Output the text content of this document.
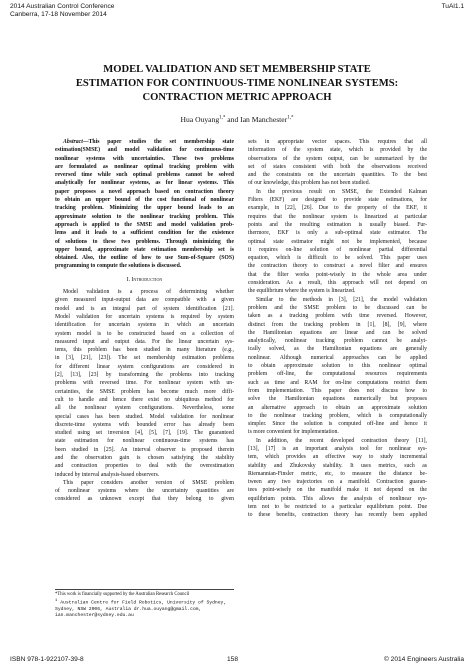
2014 Australian Control Conference
Canberra, 17-18 November 2014
TuAl1.1
MODEL VALIDATION AND SET MEMBERSHIP STATE
ESTIMATION FOR CONTINUOUS-TIME NONLINEAR SYSTEMS:
CONTRACTION METRIC APPROACH
Hua Ouyang$^{1,*}$ and Ian Manchester$^{1,*}$
Abstract—This paper studies the set membership state
estimation(SMSE) and model validation for continuous-time
nonlinear systems with uncertainties. These two problems
are formulated as nonlinear optimal tracking problem with
reversed time while such optimal problems cannot be solved
analytically for nonlinear systems, as for linear systems. This
paper proposes a novel approach based on contraction theory
to obtain an upper bound of the cost functional of nonlinear
tracking problem. Minimizing the upper bound leads to an
approximate solution to the nonlinear tracking problem. This
approach is applied to the SMSE and model validation prob-
lems and it leads to a sufficient condition for the existence
of solutions to these two problems. Through minimizing the
upper bound, approximate state estimation membership set is
obtained. Also, the outline of how to use Sum-of-Square (SOS)
programming to compute the solutions is discussed.
I. Introduction
Model validation is a process of determining whether
given measured input-output data are compatible with a given
model and is an integral part of system identification [21].
Model validation for uncertain systems is required by system
identification for uncertain systems in which an uncertain
system model is to be constructed based on a collection of
measured input and output data. For the linear uncertain sys-
tems, this problem has been studied in many literature (e.g.,
in [3], [21], [23]). The set membership estimation problems
for different linear system configurations are considered in
[2], [13], [23] by transforming the problems into tracking
problems with reversed time. For nonlinear system with un-
certainties, the SMSE problem has become much more diffi-
cult to handle and hence there exist no ubiquitous method for
all the nonlinear system configurations. Nevertheless, some
special cases has been studied. Model validation for nonlinear
discrete-time systems with bounded error has already been
studied using set inversion [4], [5], [7], [19]. The guaranteed
state estimation for nonlinear continuous-time systems has
been studied in [25]. An interval observer is proposed therein
and the observation gain is chosen satisfying the stability
and contraction properties to deal with the overestimation
induced by interval analysis-based observers.
This paper considers another version of SMSE problem
of nonlinear systems where the uncertainty quantities are
considered as unknown except that they belong to given
sets in appropriate vector spaces. This requires that all
information of the system state, which is provided by the
observations of the system output, can be summarized by the
set of states consistent with both the observations received
and the constraints on the uncertain quantities. To the best
of our knowledge, this problem has not been studied.
In the previous result on SMSE, the Extended Kalman
Filters (EKF) are designed to provide state estimations, for
example, in [22], [26]. Due to the property of the EKF, it
requires that the nonlinear system is linearized at particular
points and the resulting estimation is usually biased. Fur-
thermore, EKF is only a sub-optimal state estimator. The
optimal state estimator might not be implemented, because
it requires on-line solution of nonlinear partial differential
equation, which is difficult to be solved. This paper uses
the contraction theory to construct a novel filter and ensures
that the filter works point-wisely in the whole area under
consideration. As a result, this approach will not depend on
the equilibrium where the system is linearized.
Similar to the methods in [3], [21], the model validation
problem and the SMSE problem to be discussed can be
taken as a tracking problem with time reversed. However,
distinct from the tracking problem in [1], [8], [9], where
the Hamiltonian equations are linear and can be solved
analytically, nonlinear tracking problem cannot be analyt-
ically solved, as the Hamiltonian equations are generally
nonlinear. Although numerical approaches can be applied
to obtain approximate solution to this nonlinear optimal
problem off-line, the computational resources requirements
such as time and RAM for on-line computations restrict them
from implementation. This paper does not discuss how to
solve the Hamiltonian equations numerically but proposes
an alternative approach to obtain an approximate solution
to the nonlinear tracking problem, which is computationally
simpler. Since the solution is computed off-line and hence it
is more convenient for implementation.
In addition, the recent developed contraction theory [11],
[13], [17] is an important analysis tool for nonlinear sys-
tem, which provides an effective way to study incremental
stability and Zhukovsky stability. It uses metrics, such as
Riemannian-Finsler metric, etc, to measure the distance be-
tween any two trajectories on a manifold. Contraction guaran-
tees point-wisely on the manifold make it not depend on the
equilibrium points. This allows the analysis of nonlinear sys-
tem not to be restricted to a particular equilibrium point. Due
to these benefits, contraction theory has recently been applied
*This work is financially supported by the Australian Research Council
$^1$ Australian Centre for Field Robotics, University of Sydney,
Sydney, NSW 2006, Australia dr.hua.ouyang@gmail.com,
ian.manchester@sydney.edu.au
ISBN 978-1-922107-39-8	158	© 2014 Engineers Australia
